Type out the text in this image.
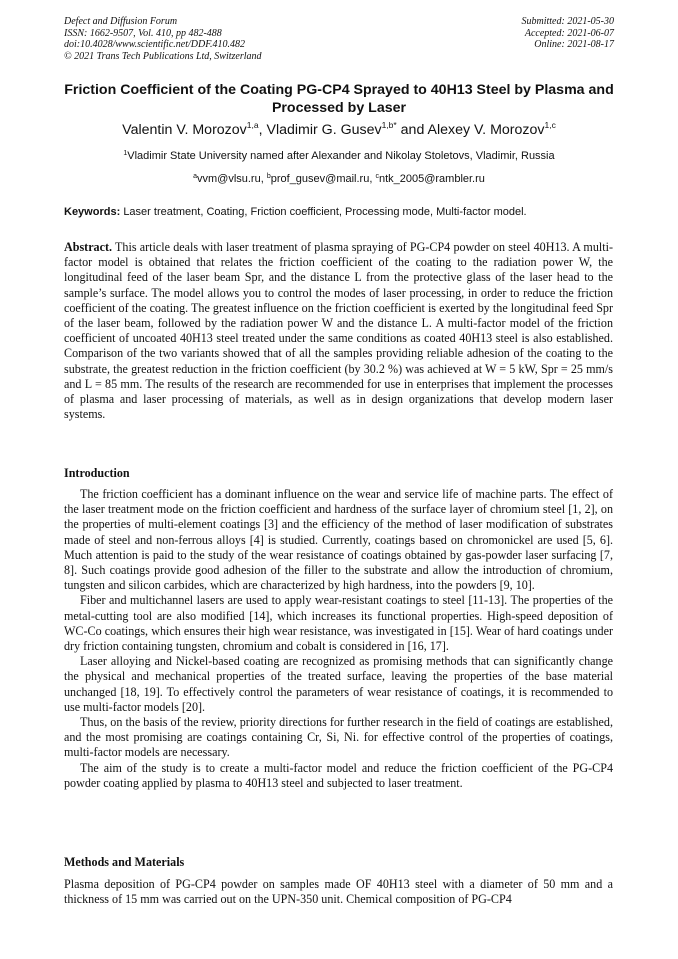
Defect and Diffusion Forum
ISSN: 1662-9507, Vol. 410, pp 482-488
doi:10.4028/www.scientific.net/DDF.410.482
© 2021 Trans Tech Publications Ltd, Switzerland
Submitted: 2021-05-30
Accepted: 2021-06-07
Online: 2021-08-17
Friction Coefficient of the Coating PG-CP4 Sprayed to 40H13 Steel by Plasma and Processed by Laser
Valentin V. Morozov$^{1,a}$, Vladimir G. Gusev$^{1,b*}$ and Alexey V. Morozov$^{1,c}$
$^1$Vladimir State University named after Alexander and Nikolay Stoletovs, Vladimir, Russia
$^a$vvm@vlsu.ru, $^b$prof_gusev@mail.ru, $^c$ntk_2005@rambler.ru
Keywords: Laser treatment, Coating, Friction coefficient, Processing mode, Multi-factor model.

Abstract. This article deals with laser treatment of plasma spraying of PG-CP4 powder on steel 40H13. A multi-factor model is obtained that relates the friction coefficient of the coating to the radiation power W, the longitudinal feed of the laser beam Spr, and the distance L from the protective glass of the laser head to the sample’s surface. The model allows you to control the modes of laser processing, in order to reduce the friction coefficient of the coating. The greatest influence on the friction coefficient is exerted by the longitudinal feed Spr of the laser beam, followed by the radiation power W and the distance L. A multi-factor model of the friction coefficient of uncoated 40H13 steel treated under the same conditions as coated 40H13 steel is also established. Comparison of the two variants showed that of all the samples providing reliable adhesion of the coating to the substrate, the greatest reduction in the friction coefficient (by 30.2 %) was achieved at W = 5 kW, Spr = 25 mm/s and L = 85 mm. The results of the research are recommended for use in enterprises that implement the processes of plasma and laser processing of materials, as well as in design organizations that develop modern laser systems.

Introduction

The friction coefficient has a dominant influence on the wear and service life of machine parts. The effect of the laser treatment mode on the friction coefficient and hardness of the surface layer of chromium steel [1, 2], on the properties of multi-element coatings [3] and the efficiency of the method of laser modification of substrates made of steel and non-ferrous alloys [4] is studied. Currently, coatings based on chromonickel are used [5, 6]. Much attention is paid to the study of the wear resistance of coatings obtained by gas-powder laser surfacing [7, 8]. Such coatings provide good adhesion of the filler to the substrate and allow the introduction of chromium, tungsten and silicon carbides, which are characterized by high hardness, into the powders [9, 10].

Fiber and multichannel lasers are used to apply wear-resistant coatings to steel [11-13]. The properties of the metal-cutting tool are also modified [14], which increases its functional properties. High-speed deposition of WC-Co coatings, which ensures their high wear resistance, was investigated in [15]. Wear of hard coatings under dry friction containing tungsten, chromium and cobalt is considered in [16, 17].

Laser alloying and Nickel-based coating are recognized as promising methods that can significantly change the physical and mechanical properties of the treated surface, leaving the properties of the base material unchanged [18, 19]. To effectively control the parameters of wear resistance of coatings, it is recommended to use multi-factor models [20].

Thus, on the basis of the review, priority directions for further research in the field of coatings are established, and the most promising are coatings containing Cr, Si, Ni. for effective control of the properties of coatings, multi-factor models are necessary.

The aim of the study is to create a multi-factor model and reduce the friction coefficient of the PG-CP4 powder coating applied by plasma to 40H13 steel and subjected to laser treatment.

Methods and Materials

Plasma deposition of PG-CP4 powder on samples made OF 40H13 steel with a diameter of 50 mm and a thickness of 15 mm was carried out on the UPN-350 unit. Chemical composition of PG-CP4
